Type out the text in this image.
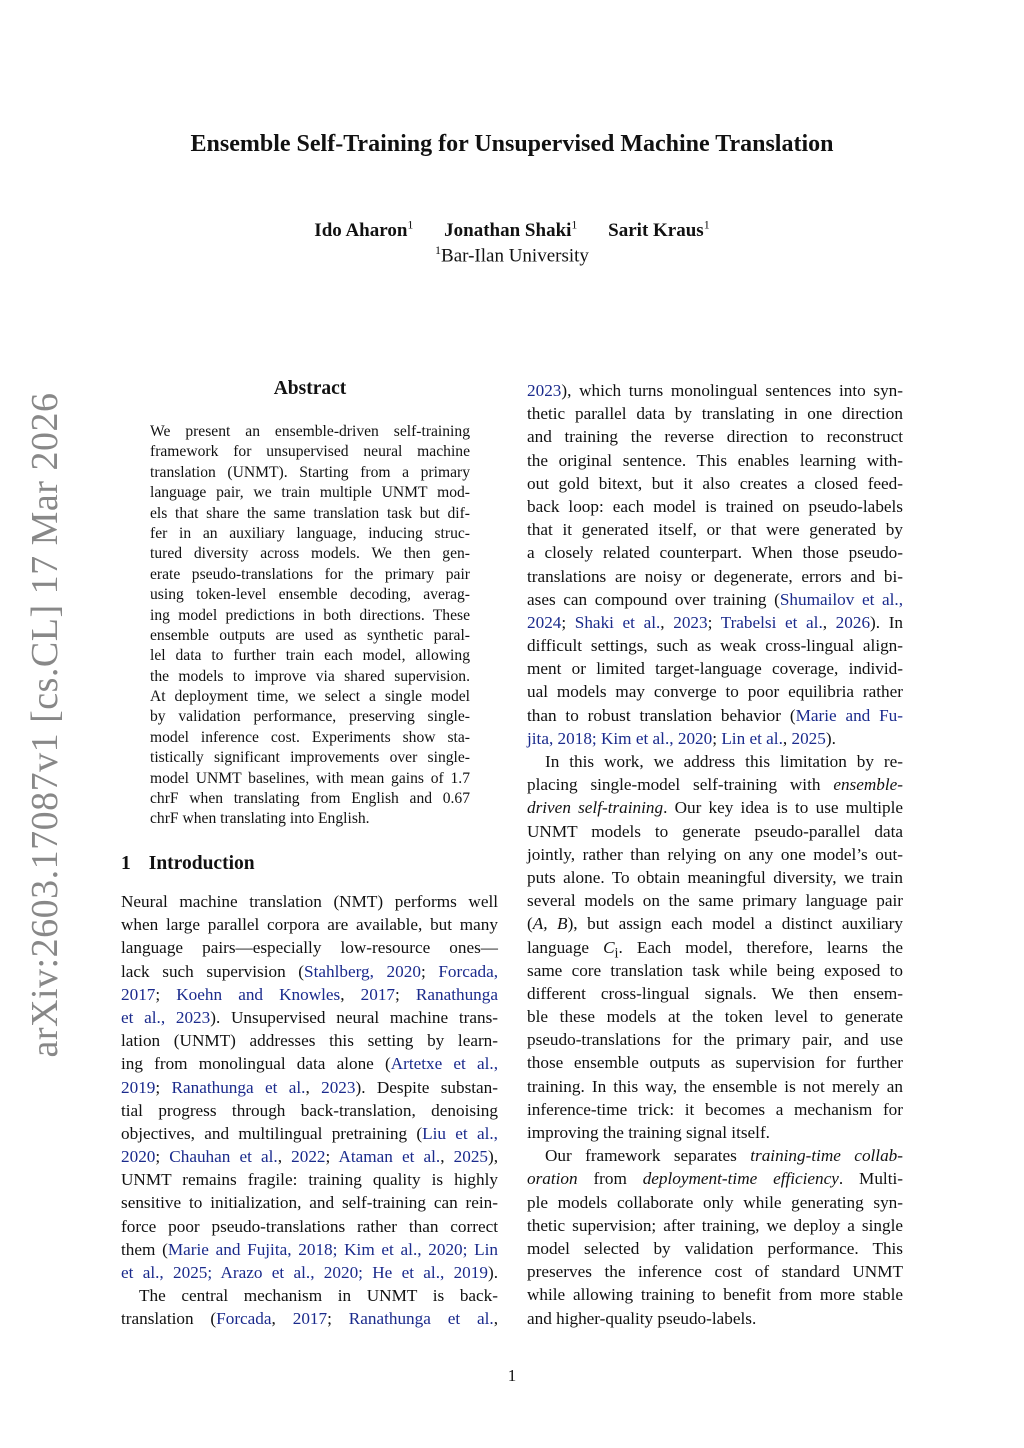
arXiv:2603.17087v1 [cs.CL] 17 Mar 2026
Ensemble Self-Training for Unsupervised Machine Translation
Ido Aharon$^1$ Jonathan Shaki$^1$ Sarit Kraus$^1$
$^1$Bar-Ilan University
Abstract
We present an ensemble-driven self-training
framework for unsupervised neural machine
translation (UNMT). Starting from a primary
language pair, we train multiple UNMT mod-
els that share the same translation task but dif-
fer in an auxiliary language, inducing struc-
tured diversity across models. We then gen-
erate pseudo-translations for the primary pair
using token-level ensemble decoding, averag-
ing model predictions in both directions. These
ensemble outputs are used as synthetic paral-
lel data to further train each model, allowing
the models to improve via shared supervision.
At deployment time, we select a single model
by validation performance, preserving single-
model inference cost. Experiments show sta-
tistically significant improvements over single-
model UNMT baselines, with mean gains of 1.7
chrF when translating from English and 0.67
chrF when translating into English.
1 Introduction
Neural machine translation (NMT) performs well
when large parallel corpora are available, but many
language pairs—especially low-resource ones—
lack such supervision (Stahlberg, 2020; Forcada,
2017; Koehn and Knowles, 2017; Ranathunga
et al., 2023). Unsupervised neural machine trans-
lation (UNMT) addresses this setting by learn-
ing from monolingual data alone (Artetxe et al.,
2019; Ranathunga et al., 2023). Despite substan-
tial progress through back-translation, denoising
objectives, and multilingual pretraining (Liu et al.,
2020; Chauhan et al., 2022; Ataman et al., 2025),
UNMT remains fragile: training quality is highly
sensitive to initialization, and self-training can rein-
force poor pseudo-translations rather than correct
them (Marie and Fujita, 2018; Kim et al., 2020; Lin
et al., 2025; Arazo et al., 2020; He et al., 2019).
The central mechanism in UNMT is back-
translation (Forcada, 2017; Ranathunga et al.,
2023), which turns monolingual sentences into syn-
thetic parallel data by translating in one direction
and training the reverse direction to reconstruct
the original sentence. This enables learning with-
out gold bitext, but it also creates a closed feed-
back loop: each model is trained on pseudo-labels
that it generated itself, or that were generated by
a closely related counterpart. When those pseudo-
translations are noisy or degenerate, errors and bi-
ases can compound over training (Shumailov et al.,
2024; Shaki et al., 2023; Trabelsi et al., 2026). In
difficult settings, such as weak cross-lingual align-
ment or limited target-language coverage, individ-
ual models may converge to poor equilibria rather
than to robust translation behavior (Marie and Fu-
jita, 2018; Kim et al., 2020; Lin et al., 2025).
In this work, we address this limitation by re-
placing single-model self-training with ensemble-
driven self-training. Our key idea is to use multiple
UNMT models to generate pseudo-parallel data
jointly, rather than relying on any one model’s out-
puts alone. To obtain meaningful diversity, we train
several models on the same primary language pair
(A, B), but assign each model a distinct auxiliary
language $C_i$. Each model, therefore, learns the
same core translation task while being exposed to
different cross-lingual signals. We then ensem-
ble these models at the token level to generate
pseudo-translations for the primary pair, and use
those ensemble outputs as supervision for further
training. In this way, the ensemble is not merely an
inference-time trick: it becomes a mechanism for
improving the training signal itself.
Our framework separates training-time collab-
oration from deployment-time efficiency. Multi-
ple models collaborate only while generating syn-
thetic supervision; after training, we deploy a single
model selected by validation performance. This
preserves the inference cost of standard UNMT
while allowing training to benefit from more stable
and higher-quality pseudo-labels.
1
